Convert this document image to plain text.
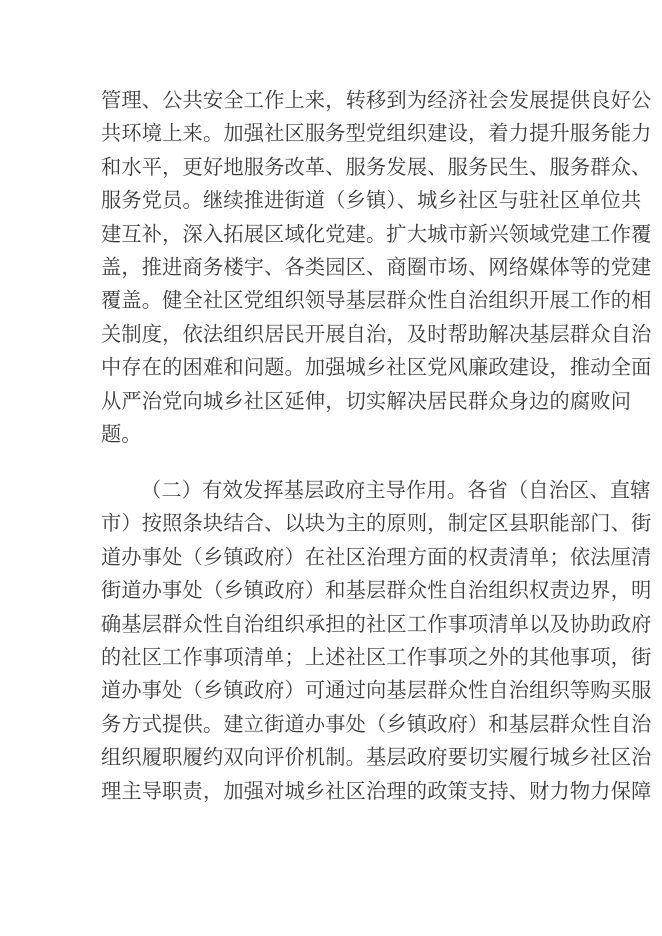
管理、公共安全工作上来，转移到为经济社会发展提供良好公
共环境上来。加强社区服务型党组织建设，着力提升服务能力
和水平，更好地服务改革、服务发展、服务民生、服务群众、
服务党员。继续推进街道（乡镇）、城乡社区与驻社区单位共
建互补，深入拓展区域化党建。扩大城市新兴领域党建工作覆
盖，推进商务楼宇、各类园区、商圈市场、网络媒体等的党建
覆盖。健全社区党组织领导基层群众性自治组织开展工作的相
关制度，依法组织居民开展自治，及时帮助解决基层群众自治
中存在的困难和问题。加强城乡社区党风廉政建设，推动全面
从严治党向城乡社区延伸，切实解决居民群众身边的腐败问
题。
（二）有效发挥基层政府主导作用。各省（自治区、直辖
市）按照条块结合、以块为主的原则，制定区县职能部门、街
道办事处（乡镇政府）在社区治理方面的权责清单；依法厘清
街道办事处（乡镇政府）和基层群众性自治组织权责边界，明
确基层群众性自治组织承担的社区工作事项清单以及协助政府
的社区工作事项清单；上述社区工作事项之外的其他事项，街
道办事处（乡镇政府）可通过向基层群众性自治组织等购买服
务方式提供。建立街道办事处（乡镇政府）和基层群众性自治
组织履职履约双向评价机制。基层政府要切实履行城乡社区治
理主导职责，加强对城乡社区治理的政策支持、财力物力保障
